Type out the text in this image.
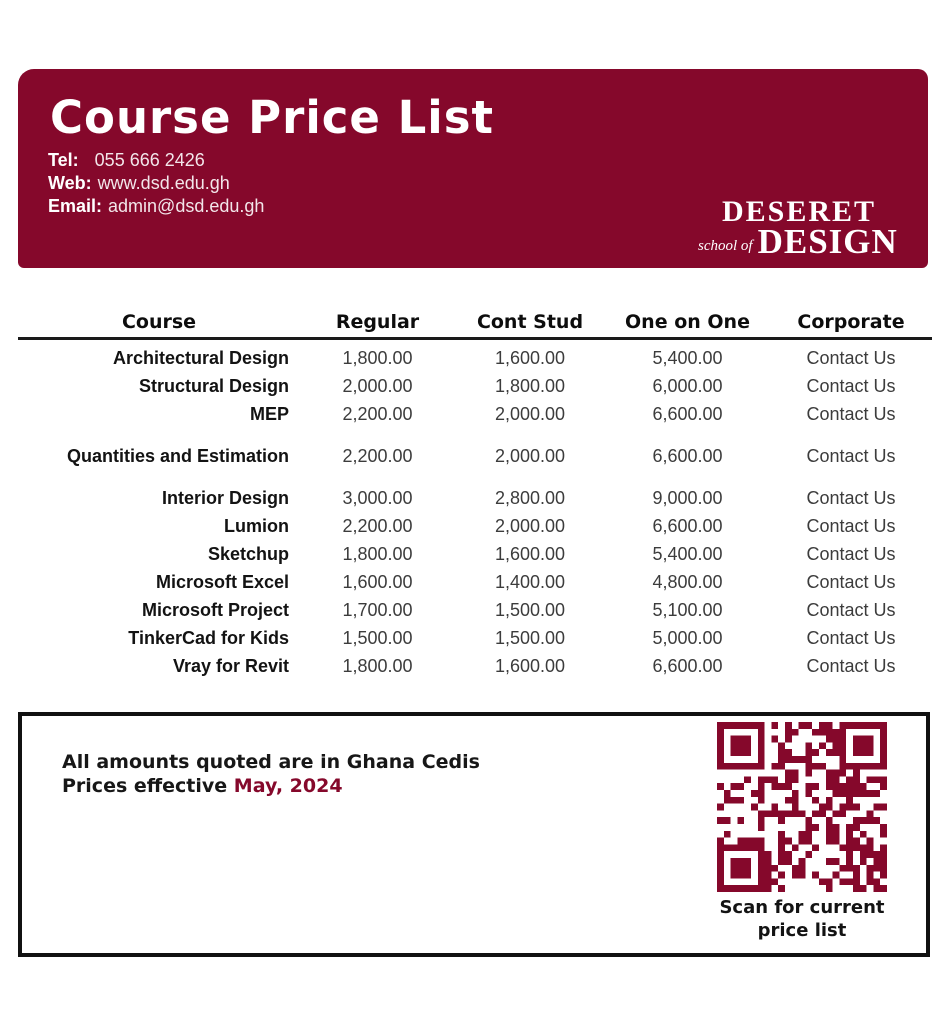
Course Price List
Tel: 055 666 2426
Web: www.dsd.edu.gh
Email: admin@dsd.edu.gh	DESERET
school of DESIGN
Course	Regular	Cont Stud	One on One	Corporate
Architectural Design	1,800.00	1,600.00	5,400.00	Contact Us
Structural Design	2,000.00	1,800.00	6,000.00	Contact Us
MEP	2,200.00	2,000.00	6,600.00	Contact Us
Quantities and Estimation	2,200.00	2,000.00	6,600.00	Contact Us
Interior Design	3,000.00	2,800.00	9,000.00	Contact Us
Lumion	2,200.00	2,000.00	6,600.00	Contact Us
Sketchup	1,800.00	1,600.00	5,400.00	Contact Us
Microsoft Excel	1,600.00	1,400.00	4,800.00	Contact Us
Microsoft Project	1,700.00	1,500.00	5,100.00	Contact Us
TinkerCad for Kids	1,500.00	1,500.00	5,000.00	Contact Us
Vray for Revit	1,800.00	1,600.00	6,600.00	Contact Us
All amounts quoted are in Ghana Cedis
Prices effective May, 2024
Scan for current
price list
